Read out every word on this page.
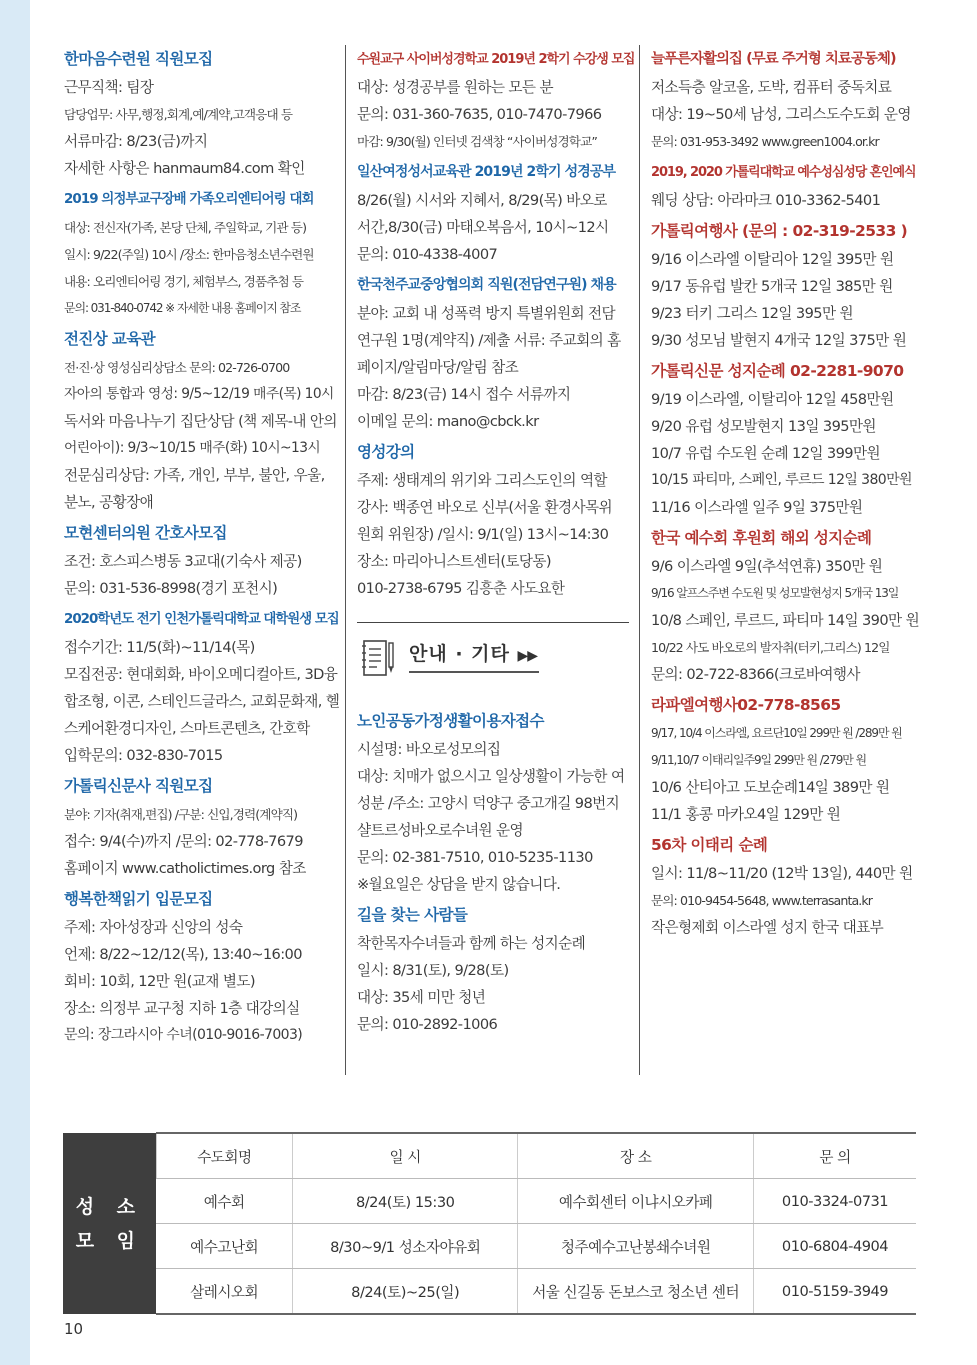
한마음수련원 직원모집
근무직책: 팀장
담당업무: 사무,행정,회계,예/계약,고객응대 등
서류마감: 8/23(금)까지
자세한 사항은 hanmaum84.com 확인
2019 의정부교구장배 가족오리엔티어링 대회
대상: 전신자(가족, 본당 단체, 주일학교, 기관 등)
일시: 9/22(주일) 10시 /장소: 한마음청소년수련원
내용: 오리엔티어링 경기, 체험부스, 경품추첨 등
문의: 031-840-0742 ※ 자세한 내용 홈페이지 참조
전진상 교육관
전·진·상 영성심리상담소 문의: 02-726-0700
자아의 통합과 영성: 9/5~12/19 매주(목) 10시
독서와 마음나누기 집단상담 (책 제목-내 안의
어린아이): 9/3~10/15 매주(화) 10시~13시
전문심리상담: 가족, 개인, 부부, 불안, 우울,
분노, 공황장애
모현센터의원 간호사모집
조건: 호스피스병동 3교대(기숙사 제공)
문의: 031-536-8998(경기 포천시)
2020학년도 전기 인천가톨릭대학교 대학원생 모집
접수기간: 11/5(화)~11/14(목)
모집전공: 현대회화, 바이오메디컬아트, 3D융
합조형, 이콘, 스테인드글라스, 교회문화재, 헬
스케어환경디자인, 스마트콘텐츠, 간호학
입학문의: 032-830-7015
가톨릭신문사 직원모집
분야: 기자(취재,편집) /구분: 신입,경력(계약직)
접수: 9/4(수)까지 /문의: 02-778-7679
홈페이지 www.catholictimes.org 참조
행복한책읽기 입문모집
주제: 자아성장과 신앙의 성숙
언제: 8/22~12/12(목), 13:40~16:00
회비: 10회, 12만 원(교재 별도)
장소: 의정부 교구청 지하 1층 대강의실
문의: 장그라시아 수녀(010-9016-7003)
수원교구 사이버성경학교 2019년 2학기 수강생 모집
대상: 성경공부를 원하는 모든 분
문의: 031-360-7635, 010-7470-7966
마감: 9/30(월) 인터넷 검색창 “사이버성경학교”
일산여정성서교육관 2019년 2학기 성경공부
8/26(월) 시서와 지혜서, 8/29(목) 바오로
서간,8/30(금) 마태오복음서, 10시~12시
문의: 010-4338-4007
한국천주교중앙협의회 직원(전담연구원) 채용
분야: 교회 내 성폭력 방지 특별위원회 전담
연구원 1명(계약직) /제출 서류: 주교회의 홈
페이지/알림마당/알림 참조
마감: 8/23(금) 14시 접수 서류까지
이메일 문의: mano@cbck.kr
영성강의
주제: 생태계의 위기와 그리스도인의 역할
강사: 백종연 바오로 신부(서울 환경사목위
원회 위원장) /일시: 9/1(일) 13시~14:30
장소: 마리아니스트센터(토당동)
010-2738-6795 김흥춘 사도요한
안내 · 기타 ▶▶
노인공동가정생활이용자접수
시설명: 바오로성모의집
대상: 치매가 없으시고 일상생활이 가능한 여
성분 /주소: 고양시 덕양구 중고개길 98번지
샬트르성바오로수녀원 운영
문의: 02-381-7510, 010-5235-1130
※월요일은 상담을 받지 않습니다.
길을 찾는 사람들
착한목자수녀들과 함께 하는 성지순례
일시: 8/31(토), 9/28(토)
대상: 35세 미만 청년
문의: 010-2892-1006
늘푸른자활의집 (무료 주거형 치료공동체)
저소득층 알코올, 도박, 컴퓨터 중독치료
대상: 19~50세 남성, 그리스도수도회 운영
문의: 031-953-3492 www.green1004.or.kr
2019, 2020 가톨릭대학교 예수성심성당 혼인예식
웨딩 상담: 아라마크 010-3362-5401
가톨릭여행사 (문의 : 02-319-2533 )
9/16 이스라엘 이탈리아 12일 395만 원
9/17 동유럽 발칸 5개국 12일 385만 원
9/23 터키 그리스 12일 395만 원
9/30 성모님 발현지 4개국 12일 375만 원
가톨릭신문 성지순례 02-2281-9070
9/19 이스라엘, 이탈리아 12일 458만원
9/20 유럽 성모발현지 13일 395만원
10/7 유럽 수도원 순례 12일 399만원
10/15 파티마, 스페인, 루르드 12일 380만원
11/16 이스라엘 일주 9일 375만원
한국 예수회 후원회 해외 성지순례
9/6 이스라엘 9일(추석연휴) 350만 원
9/16 알프스주변 수도원 및 성모발현성지 5개국 13일
10/8 스페인, 루르드, 파티마 14일 390만 원
10/22 사도 바오로의 발자취(터키,그리스) 12일
문의: 02-722-8366(크로바여행사
라파엘여행사02-778-8565
9/17, 10/4 이스라엘, 요르단10일 299만 원 /289만 원
9/11,10/7 이태리일주9일 299만 원 /279만 원
10/6 산티아고 도보순례14일 389만 원
11/1 홍콩 마카오4일 129만 원
56차 이태리 순례
일시: 11/8~11/20 (12박 13일), 440만 원
문의: 010-9454-5648, www.terrasanta.kr
작은형제회 이스라엘 성지 한국 대표부
성 소
모 임	수도회명	일 시	장 소	문 의
	예수회	8/24(토) 15:30	예수회센터 이냐시오카페	010-3324-0731
	예수고난회	8/30~9/1 성소자야유회	청주예수고난봉쇄수녀원	010-6804-4904
	살레시오회	8/24(토)~25(일)	서울 신길동 돈보스코 청소년 센터	010-5159-3949
10
